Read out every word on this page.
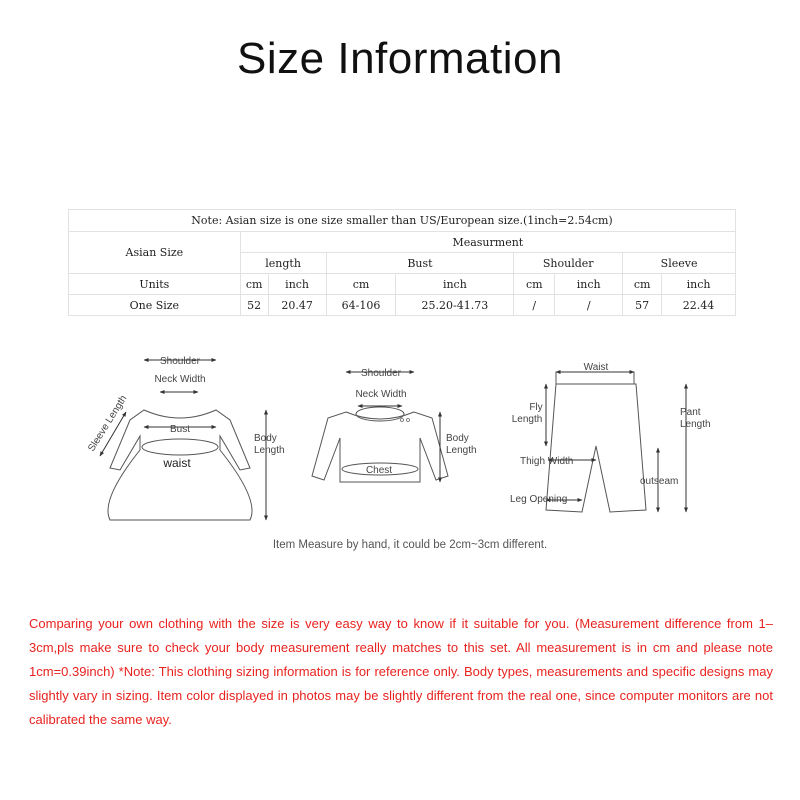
Size Information
Note: Asian size is one size smaller than US/European size.(1inch=2.54cm)								
Asian Size	Measurment							
	length		Bust		Shoulder		Sleeve	
Units	cm	inch	cm	inch	cm	inch	cm	inch
One Size	52	20.47	64-106	25.20-41.73	/	/	57	22.44
Shoulder
Neck Width
Sleeve Length	Bust
waist
Body
Length
Shoulder
Neck Width
Chest
Body
Length
Waist
Fly
Length
Pant
Length
Thigh Width
outseam
Leg Opening
Item Measure by hand, it could be 2cm~3cm different.
Comparing your own clothing with the size is very easy way to know if it suitable for you. (Measurement difference from 1– 3cm,pls make sure to check your body measurement really matches to this set. All measurement is in cm and please note 1cm=0.39inch) *Note: This clothing sizing information is for reference only. Body types, measurements and specific designs may slightly vary in sizing. Item color displayed in photos may be slightly different from the real one, since computer monitors are not calibrated the same way.
